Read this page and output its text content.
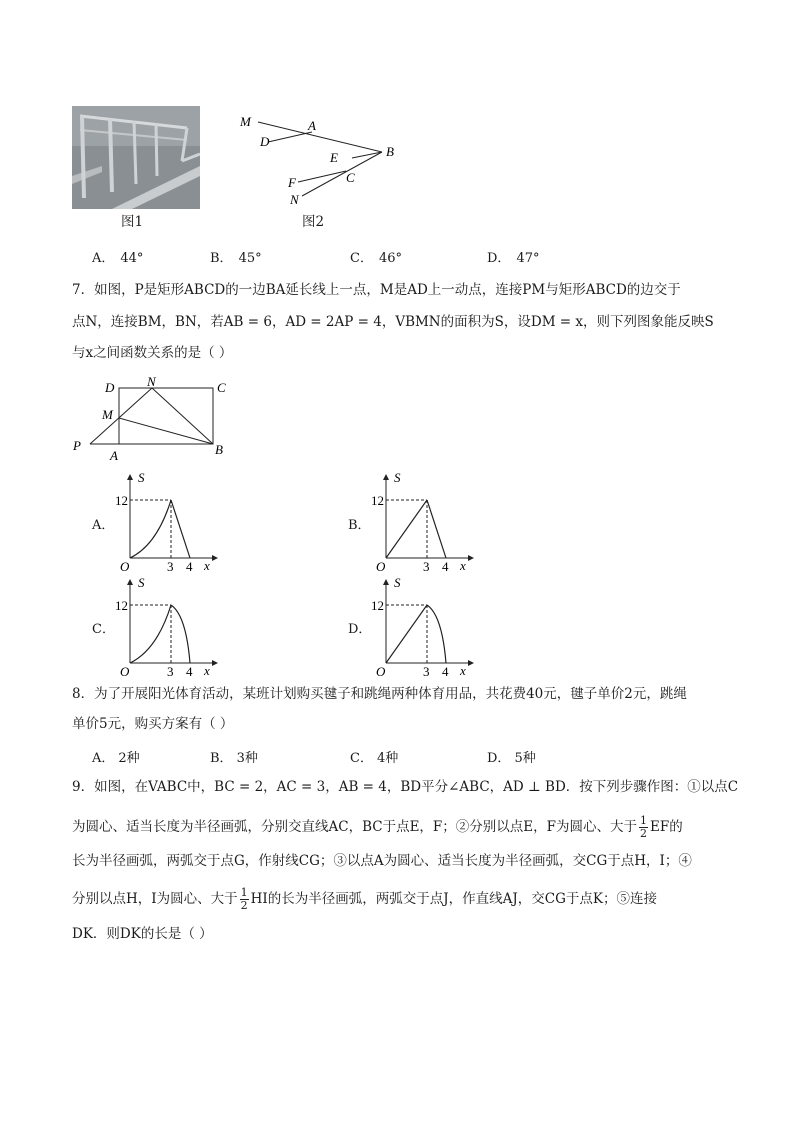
图1
M	A
D
E	B
F	C
N
图2
A． 44°	B． 45°	C． 46°	D． 47°
7．如图，P是矩形ABCD的一边BA延长线上一点，M是AD上一动点，连接PM与矩形ABCD的边交于
点N，连接BM，BN，若AB = 6，AD = 2AP = 4，VBMN的面积为S，设DM = x，则下列图象能反映S
与x之间函数关系的是（ ）
D	N	C
M
P
A	B
A．
S
12
O	3 4 x
B．
S
12
O	3 4 x
C．
S
12
O	3 4 x
D．
S
12
O	3 4 x
8．为了开展阳光体育活动，某班计划购买毽子和跳绳两种体育用品，共花费40元，毽子单价2元，跳绳
单价5元，购买方案有（ ）
A． 2种	B． 3种	C． 4种	D． 5种
9．如图，在VABC中，BC = 2，AC = 3，AB = 4，BD平分∠ABC，AD ⊥ BD．按下列步骤作图：①以点C
为圆心、适当长度为半径画弧，分别交直线AC，BC于点E，F；②分别以点E，F为圆心、大于 $\frac{1}{2}$ EF的
长为半径画弧，两弧交于点G，作射线CG；③以点A为圆心、适当长度为半径画弧，交CG于点H，I；④
分别以点H，I为圆心、大于 $\frac{1}{2}$ HI的长为半径画弧，两弧交于点J，作直线AJ，交CG于点K；⑤连接
DK．则DK的长是（ ）
